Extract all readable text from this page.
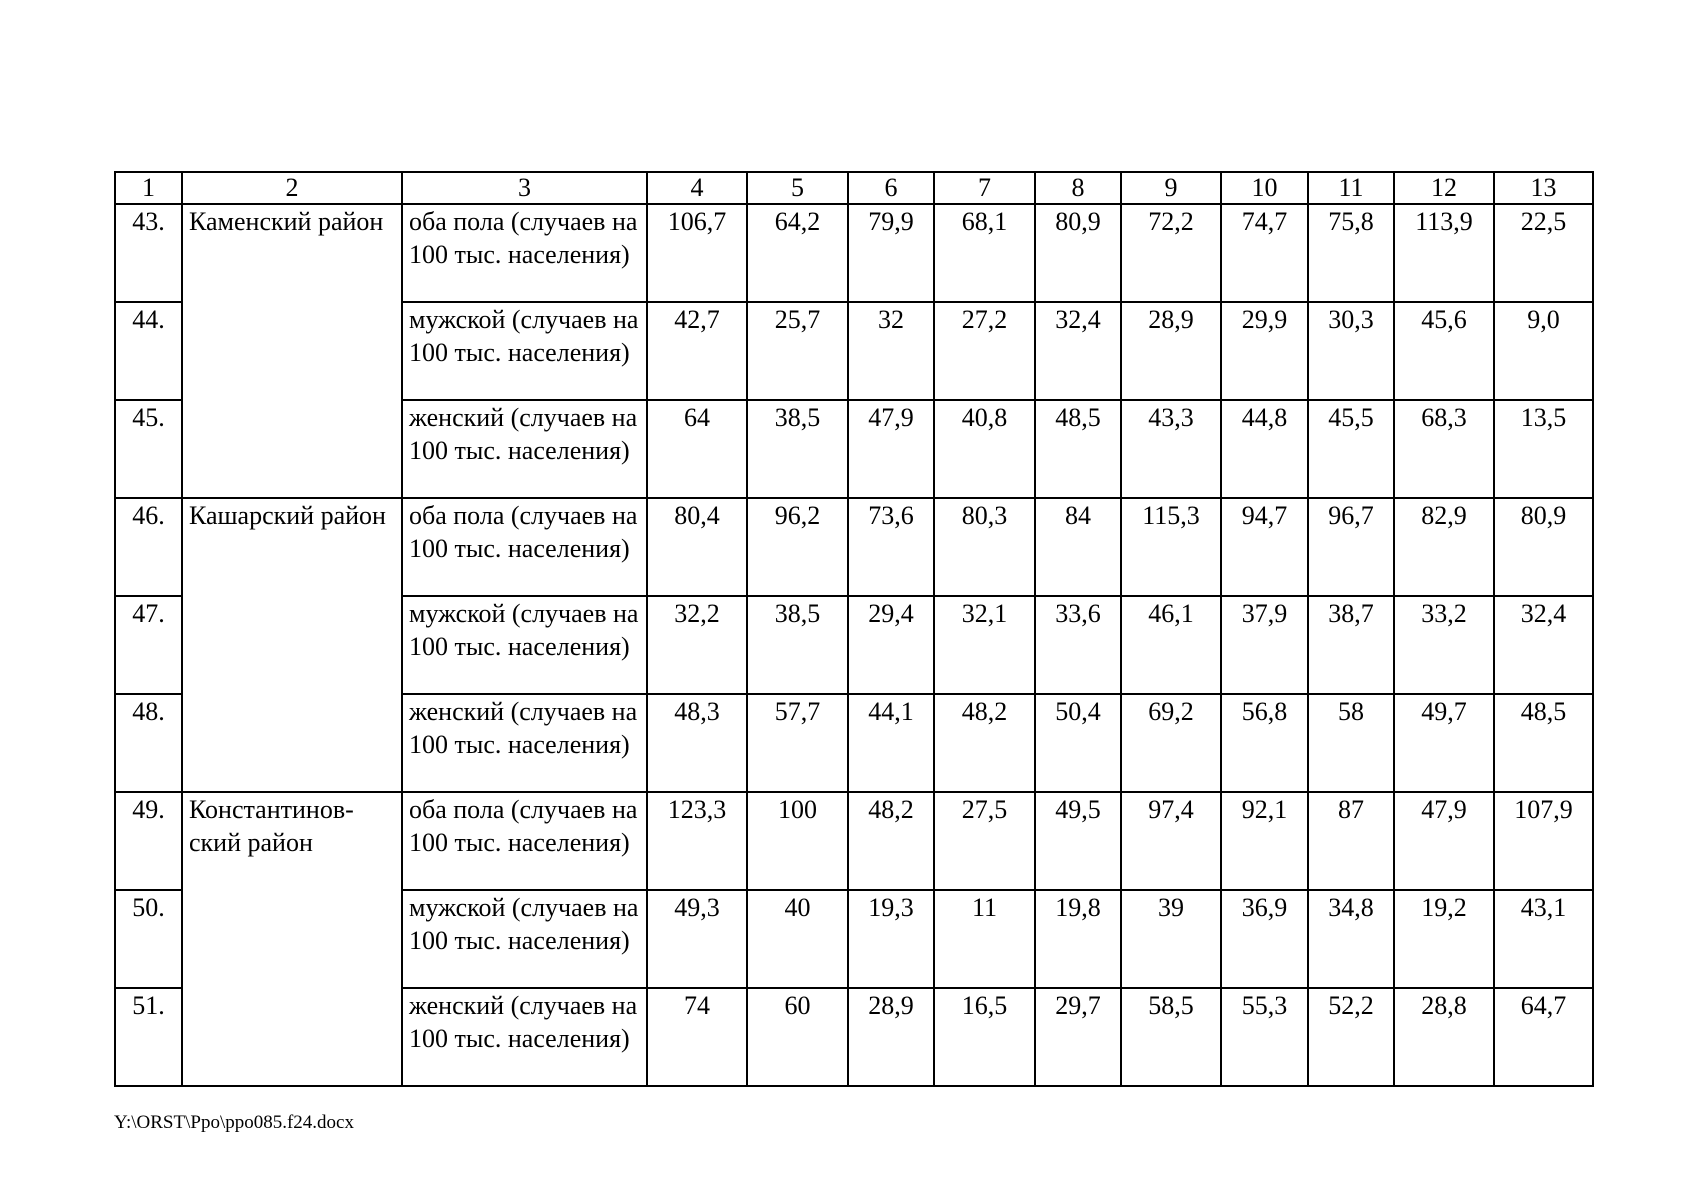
1	2	3	4	5	6	7	8	9	10	11	12	13
43.	Каменский район	оба пола (случаев на 100 тыс. населения)	106,7	64,2	79,9	68,1	80,9	72,2	74,7	75,8	113,9	22,5
44.		мужской (случаев на 100 тыс. населения)	42,7	25,7	32	27,2	32,4	28,9	29,9	30,3	45,6	9,0
45.		женский (случаев на 100 тыс. населения)	64	38,5	47,9	40,8	48,5	43,3	44,8	45,5	68,3	13,5
46.	Кашарский район	оба пола (случаев на 100 тыс. населения)	80,4	96,2	73,6	80,3	84	115,3	94,7	96,7	82,9	80,9
47.		мужской (случаев на 100 тыс. населения)	32,2	38,5	29,4	32,1	33,6	46,1	37,9	38,7	33,2	32,4
48.		женский (случаев на 100 тыс. населения)	48,3	57,7	44,1	48,2	50,4	69,2	56,8	58	49,7	48,5
49.	Константинов-ский район	оба пола (случаев на 100 тыс. населения)	123,3	100	48,2	27,5	49,5	97,4	92,1	87	47,9	107,9
50.		мужской (случаев на 100 тыс. населения)	49,3	40	19,3	11	19,8	39	36,9	34,8	19,2	43,1
51.		женский (случаев на 100 тыс. населения)	74	60	28,9	16,5	29,7	58,5	55,3	52,2	28,8	64,7
Y:\ORST\Ppo\ppo085.f24.docx
